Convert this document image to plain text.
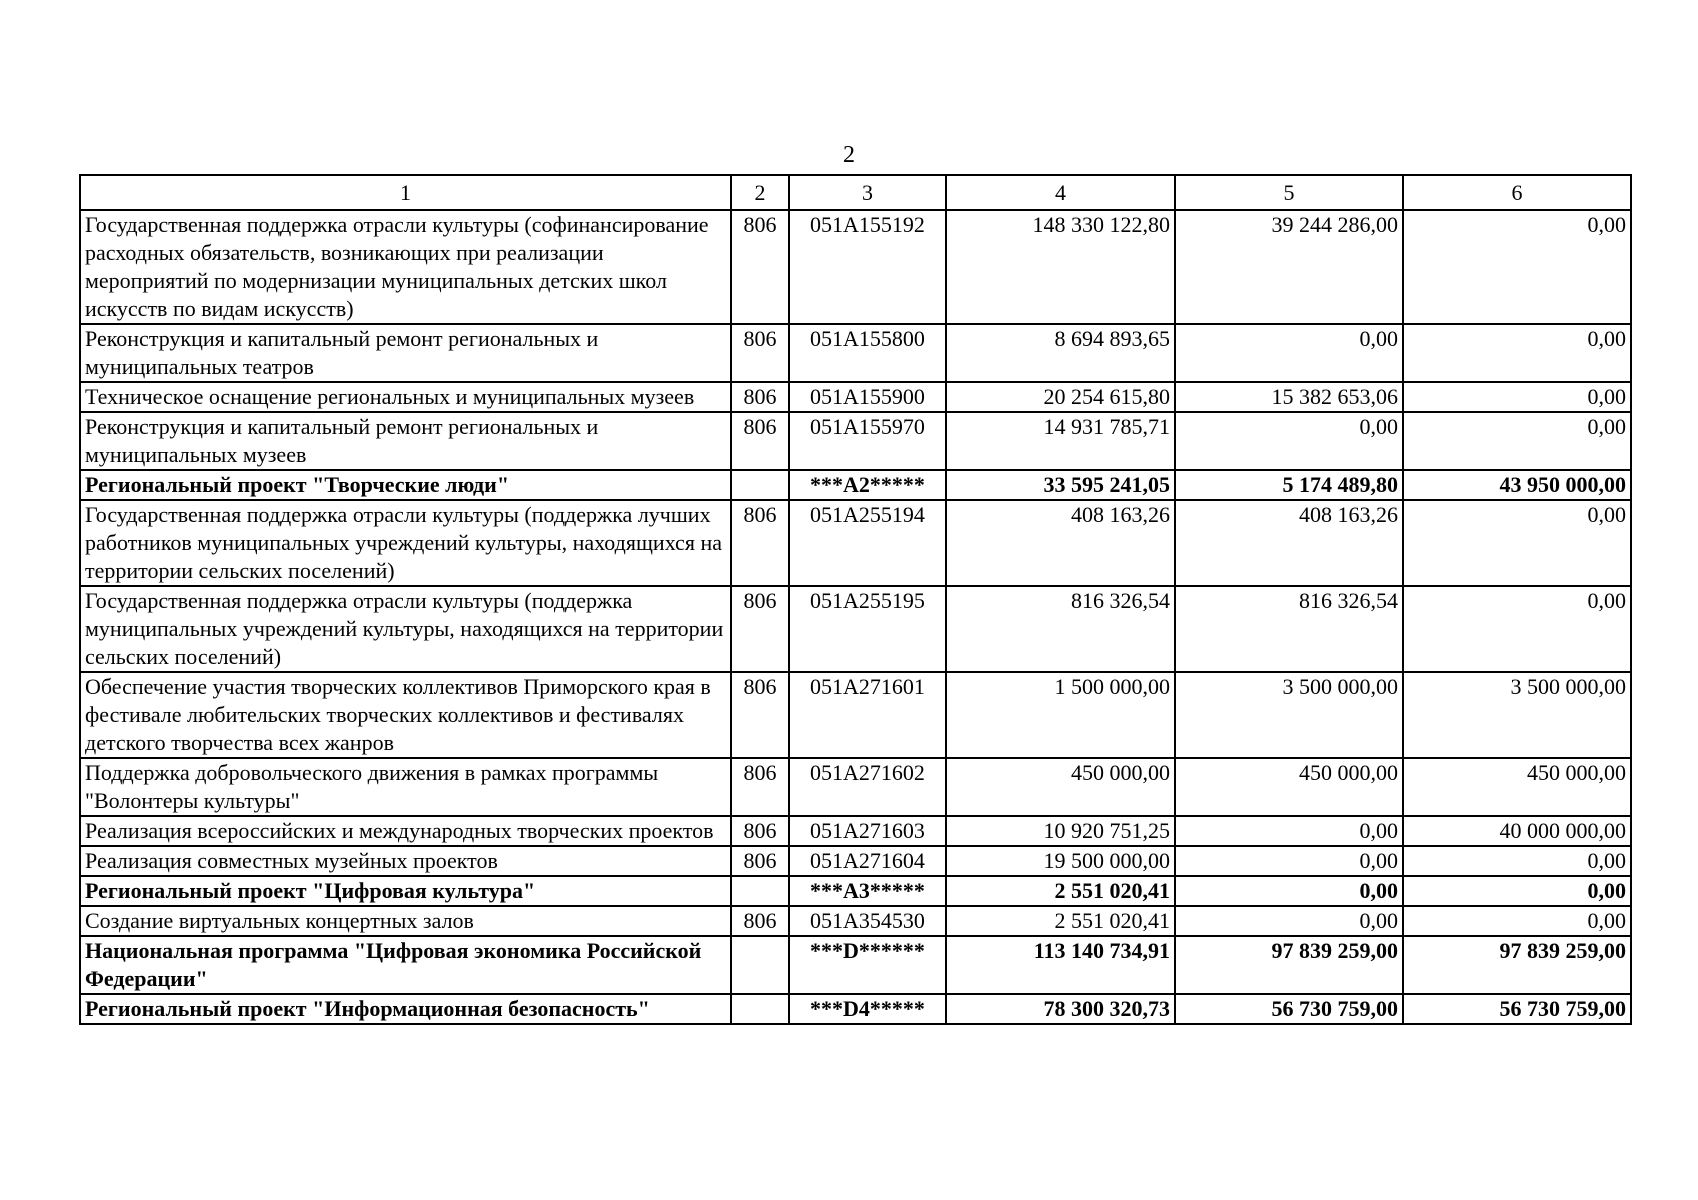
2
1	2	3	4	5	6
Государственная поддержка отрасли культуры (софинансирование расходных обязательств, возникающих при реализации мероприятий по модернизации муниципальных детских школ искусств по видам искусств)	806	051A155192	148 330 122,80	39 244 286,00	0,00
Реконструкция и капитальный ремонт региональных и муниципальных театров	806	051A155800	8 694 893,65	0,00	0,00
Техническое оснащение региональных и муниципальных музеев	806	051A155900	20 254 615,80	15 382 653,06	0,00
Реконструкция и капитальный ремонт региональных и муниципальных музеев	806	051A155970	14 931 785,71	0,00	0,00
Региональный проект "Творческие люди"		***A2*****	33 595 241,05	5 174 489,80	43 950 000,00
Государственная поддержка отрасли культуры (поддержка лучших работников муниципальных учреждений культуры, находящихся на территории сельских поселений)	806	051A255194	408 163,26	408 163,26	0,00
Государственная поддержка отрасли культуры (поддержка муниципальных учреждений культуры, находящихся на территории сельских поселений)	806	051A255195	816 326,54	816 326,54	0,00
Обеспечение участия творческих коллективов Приморского края в фестивале любительских творческих коллективов и фестивалях детского творчества всех жанров	806	051A271601	1 500 000,00	3 500 000,00	3 500 000,00
Поддержка добровольческого движения в рамках программы "Волонтеры культуры"	806	051A271602	450 000,00	450 000,00	450 000,00
Реализация всероссийских и международных творческих проектов	806	051A271603	10 920 751,25	0,00	40 000 000,00
Реализация совместных музейных проектов	806	051A271604	19 500 000,00	0,00	0,00
Региональный проект "Цифровая культура"		***A3*****	2 551 020,41	0,00	0,00
Создание виртуальных концертных залов	806	051A354530	2 551 020,41	0,00	0,00
Национальная программа "Цифровая экономика Российской Федерации"		***D******	113 140 734,91	97 839 259,00	97 839 259,00
Региональный проект "Информационная безопасность"		***D4*****	78 300 320,73	56 730 759,00	56 730 759,00
